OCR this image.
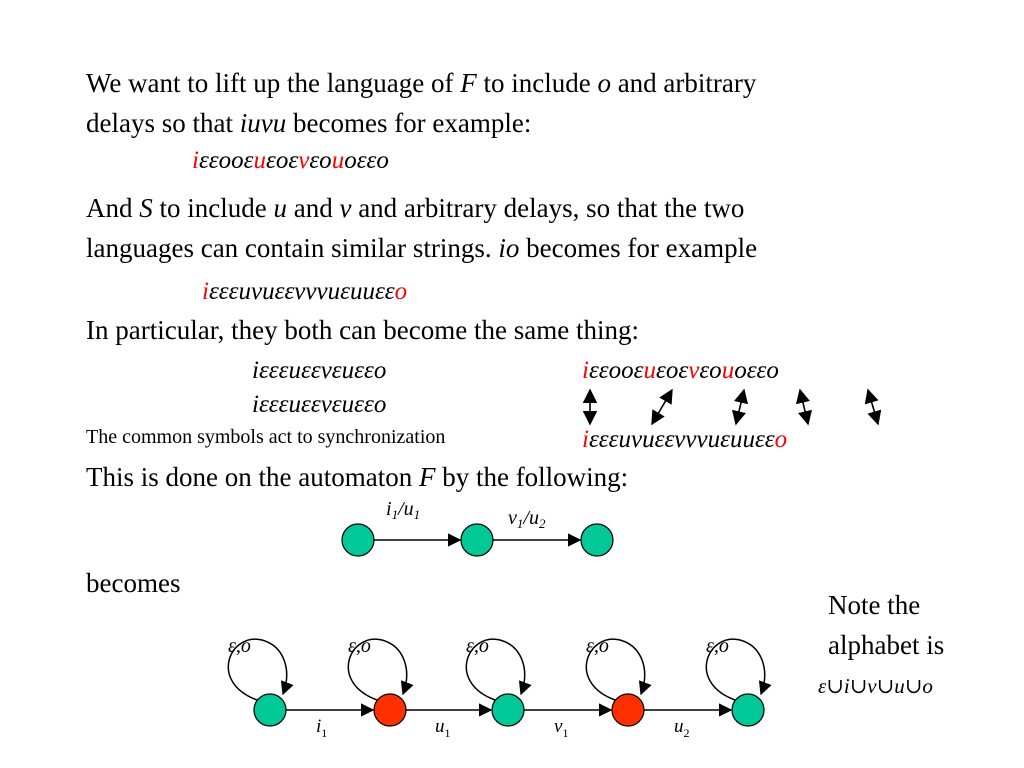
We want to lift up the language of F to include o and arbitrary
delays so that iuvu becomes for example:
iεεοοεuεοεvεοuοεεο
And S to include u and v and arbitrary delays, so that the two
languages can contain similar strings. io becomes for example
iεεεuvuεεvvvuεuuεεo
In particular, they both can become the same thing:
iεεεuεεvεuεεo
iεεεuεεvεuεεo
iεεοοεuεοεvεοuοεεο
iεεεuvuεεvvvuεuuεεo
The common symbols act to synchronization
This is done on the automaton F by the following:
becomes
Note the
alphabet is
ε∪i∪v∪u∪o
$i_1/u_1$	$v_1/u_2$
$i_1$	$u_1$	$v_1$	$u_2$
ε,ο	ε,ο	ε,ο	ε,ο	ε,ο
